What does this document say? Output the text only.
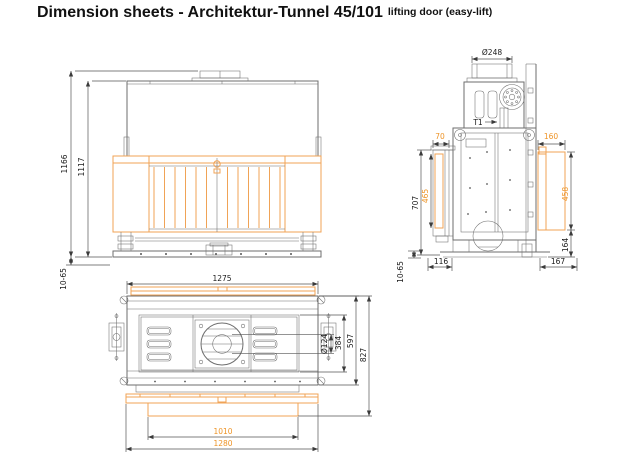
Dimension sheets - Architektur-Tunnel 45/101 lifting door (easy-lift)
1166 1117
10-65
Ø248
T1
70	160
707 465	458
164
116	167
10-65
1275
Ø124 384 597
827
1010
1280
